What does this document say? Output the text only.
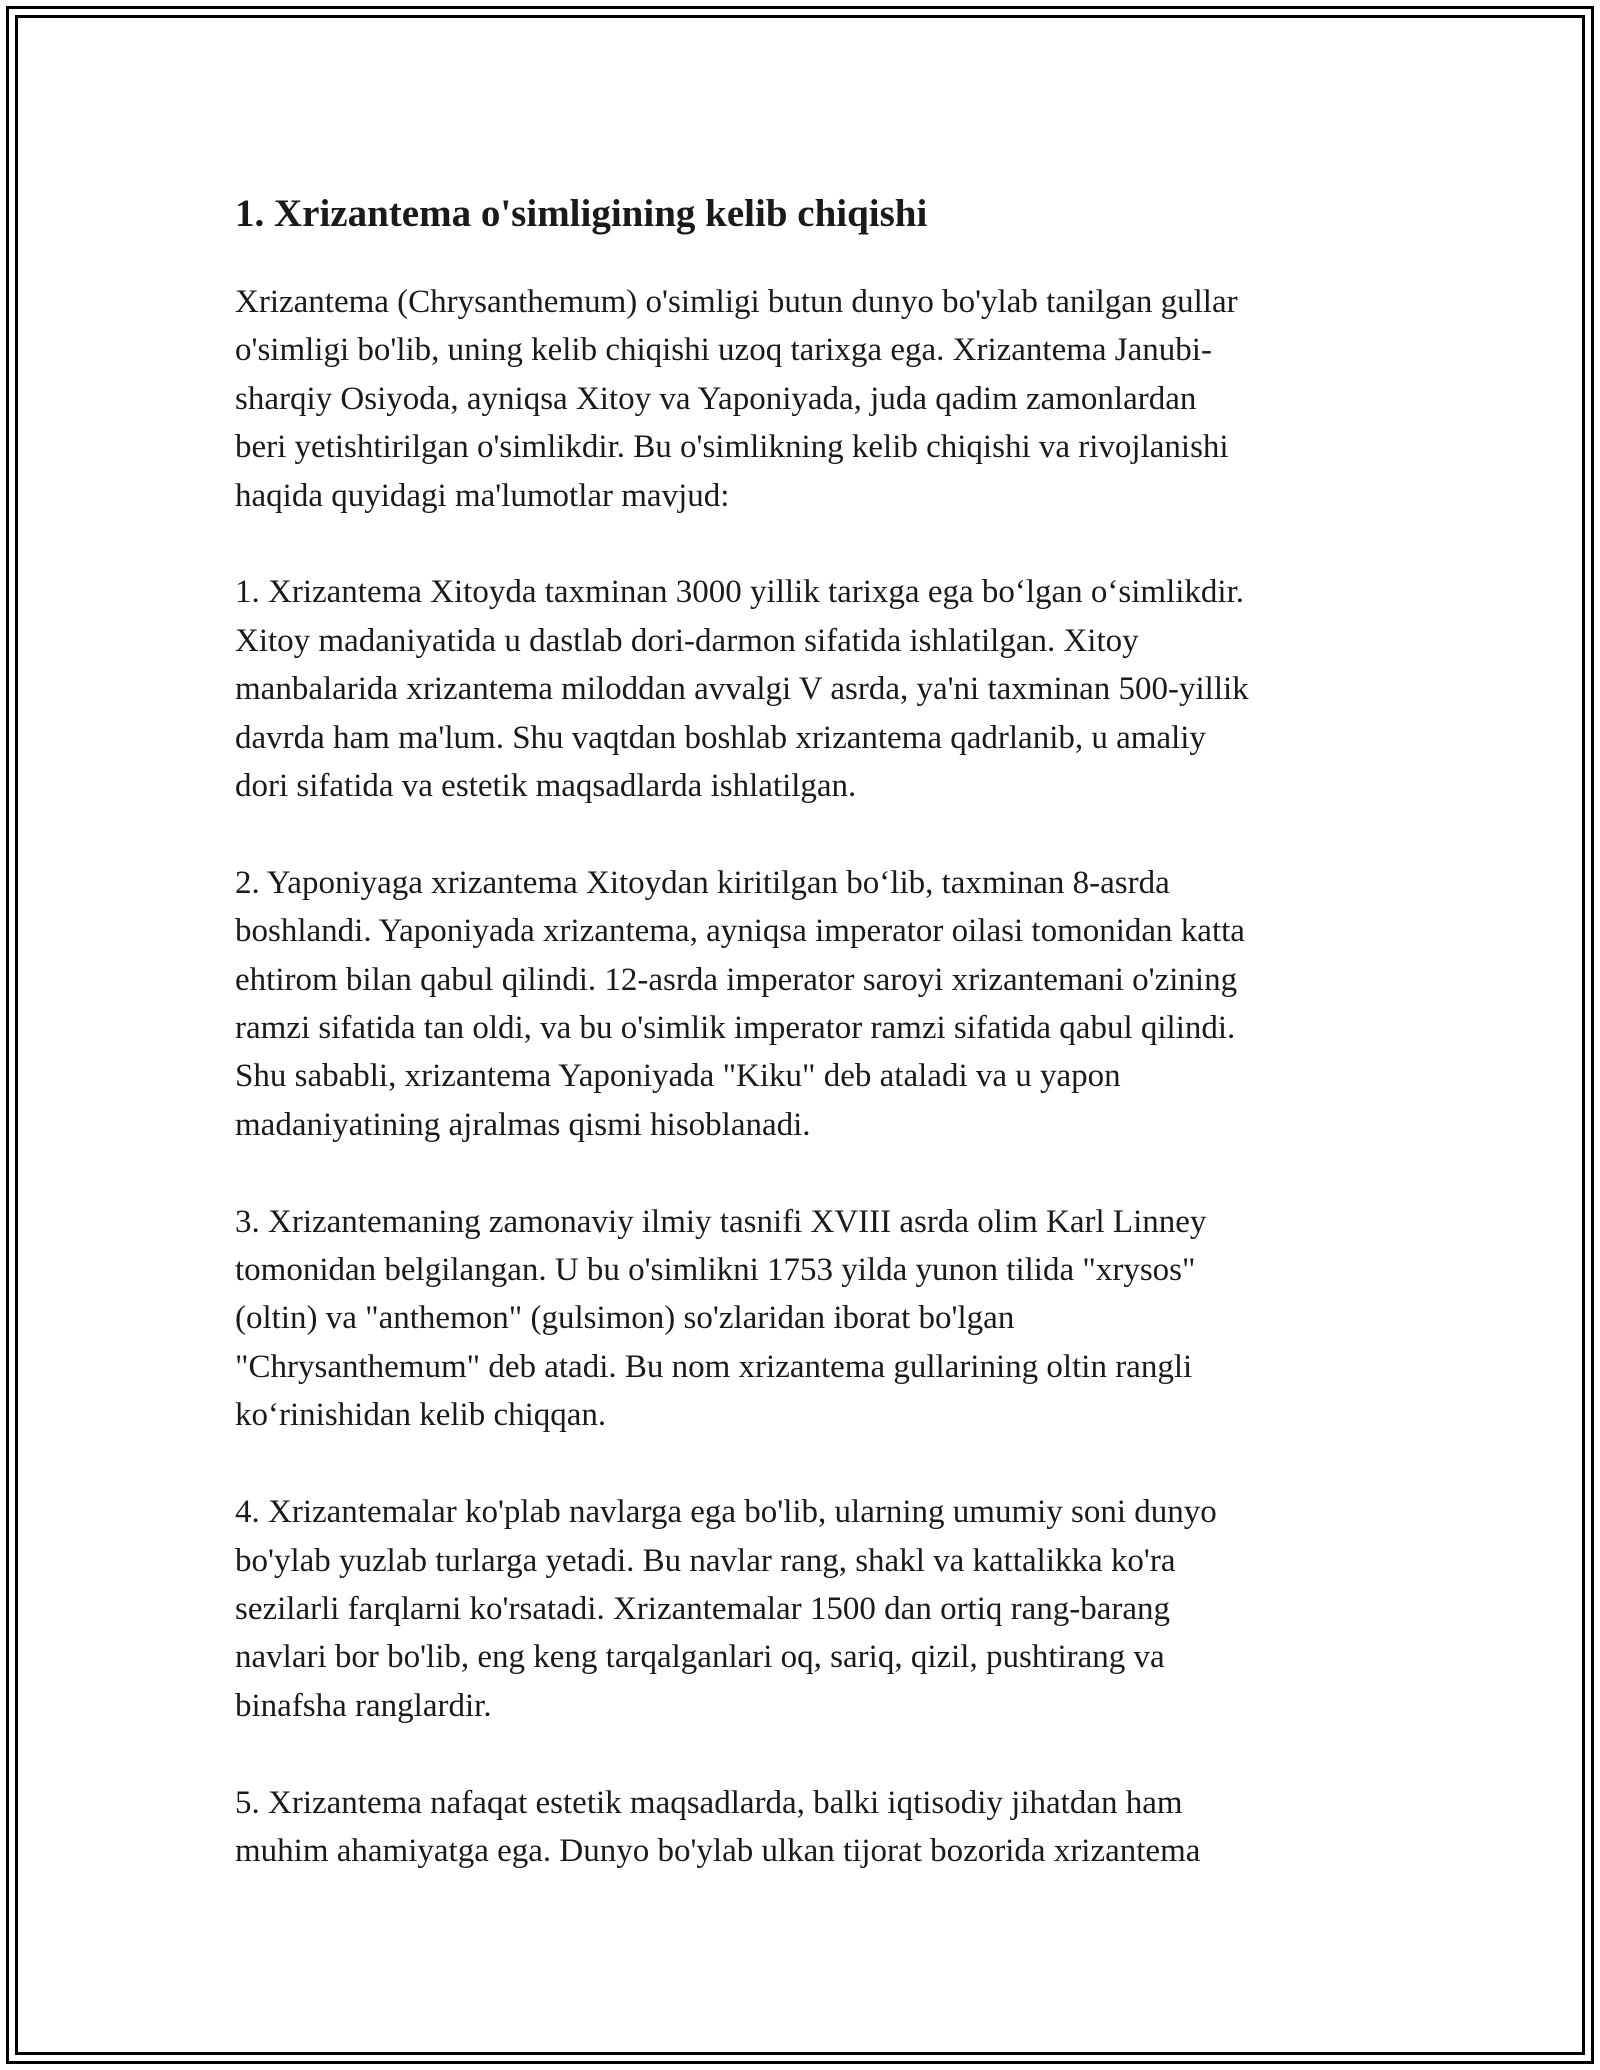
1. Xrizantema o'simligining kelib chiqishi
Xrizantema (Chrysanthemum) o'simligi butun dunyo bo'ylab tanilgan gullar
o'simligi bo'lib, uning kelib chiqishi uzoq tarixga ega. Xrizantema Janubi-
sharqiy Osiyoda, ayniqsa Xitoy va Yaponiyada, juda qadim zamonlardan
beri yetishtirilgan o'simlikdir. Bu o'simlikning kelib chiqishi va rivojlanishi
haqida quyidagi ma'lumotlar mavjud:
1. Xrizantema Xitoyda taxminan 3000 yillik tarixga ega bo‘lgan o‘simlikdir.
Xitoy madaniyatida u dastlab dori-darmon sifatida ishlatilgan. Xitoy
manbalarida xrizantema miloddan avvalgi V asrda, ya'ni taxminan 500-yillik
davrda ham ma'lum. Shu vaqtdan boshlab xrizantema qadrlanib, u amaliy
dori sifatida va estetik maqsadlarda ishlatilgan.
2. Yaponiyaga xrizantema Xitoydan kiritilgan bo‘lib, taxminan 8-asrda
boshlandi. Yaponiyada xrizantema, ayniqsa imperator oilasi tomonidan katta
ehtirom bilan qabul qilindi. 12-asrda imperator saroyi xrizantemani o'zining
ramzi sifatida tan oldi, va bu o'simlik imperator ramzi sifatida qabul qilindi.
Shu sababli, xrizantema Yaponiyada "Kiku" deb ataladi va u yapon
madaniyatining ajralmas qismi hisoblanadi.
3. Xrizantemaning zamonaviy ilmiy tasnifi XVIII asrda olim Karl Linney
tomonidan belgilangan. U bu o'simlikni 1753 yilda yunon tilida "xrysos"
(oltin) va "anthemon" (gulsimon) so'zlaridan iborat bo'lgan
"Chrysanthemum" deb atadi. Bu nom xrizantema gullarining oltin rangli
ko‘rinishidan kelib chiqqan.
4. Xrizantemalar ko'plab navlarga ega bo'lib, ularning umumiy soni dunyo
bo'ylab yuzlab turlarga yetadi. Bu navlar rang, shakl va kattalikka ko'ra
sezilarli farqlarni ko'rsatadi. Xrizantemalar 1500 dan ortiq rang-barang
navlari bor bo'lib, eng keng tarqalganlari oq, sariq, qizil, pushtirang va
binafsha ranglardir.
5. Xrizantema nafaqat estetik maqsadlarda, balki iqtisodiy jihatdan ham
muhim ahamiyatga ega. Dunyo bo'ylab ulkan tijorat bozorida xrizantema
